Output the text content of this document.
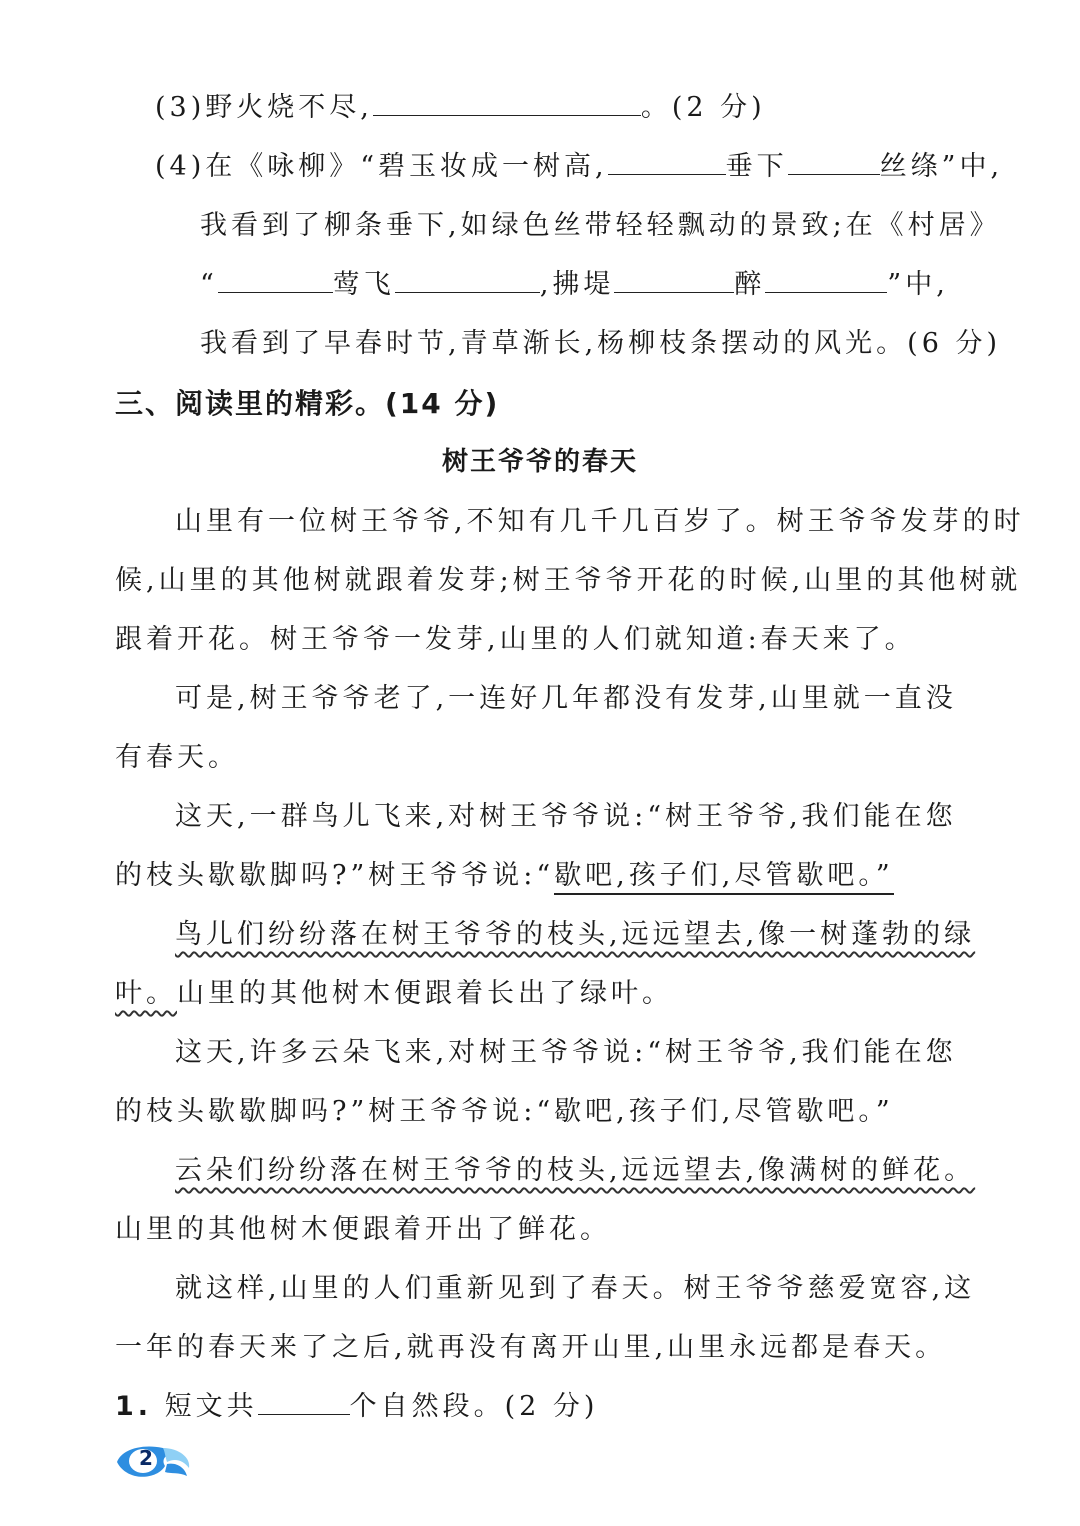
(3)野火烧不尽,	。(2 分)
(4)在《咏柳》“碧玉妆成一树高,	垂下	丝绦”中,
我看到了柳条垂下,如绿色丝带轻轻飘动的景致;在《村居》
“	莺飞	,拂堤	醉	”中,
我看到了早春时节,青草渐长,杨柳枝条摆动的风光。(6 分)
三、阅读里的精彩。(14 分)
树王爷爷的春天
山里有一位树王爷爷,不知有几千几百岁了。树王爷爷发芽的时
候,山里的其他树就跟着发芽;树王爷爷开花的时候,山里的其他树就
跟着开花。树王爷爷一发芽,山里的人们就知道:春天来了。
可是,树王爷爷老了,一连好几年都没有发芽,山里就一直没
有春天。
这天,一群鸟儿飞来,对树王爷爷说:“树王爷爷,我们能在您
的枝头歇歇脚吗?”树王爷爷说:“歇吧,孩子们,尽管歇吧。”
鸟儿们纷纷落在树王爷爷的枝头,远远望去,像一树蓬勃的绿
叶。山里的其他树木便跟着长出了绿叶。
这天,许多云朵飞来,对树王爷爷说:“树王爷爷,我们能在您
的枝头歇歇脚吗?”树王爷爷说:“歇吧,孩子们,尽管歇吧。”
云朵们纷纷落在树王爷爷的枝头,远远望去,像满树的鲜花。
山里的其他树木便跟着开出了鲜花。
就这样,山里的人们重新见到了春天。树王爷爷慈爱宽容,这
一年的春天来了之后,就再没有离开山里,山里永远都是春天。
1. 短文共	个自然段。(2 分)
2
